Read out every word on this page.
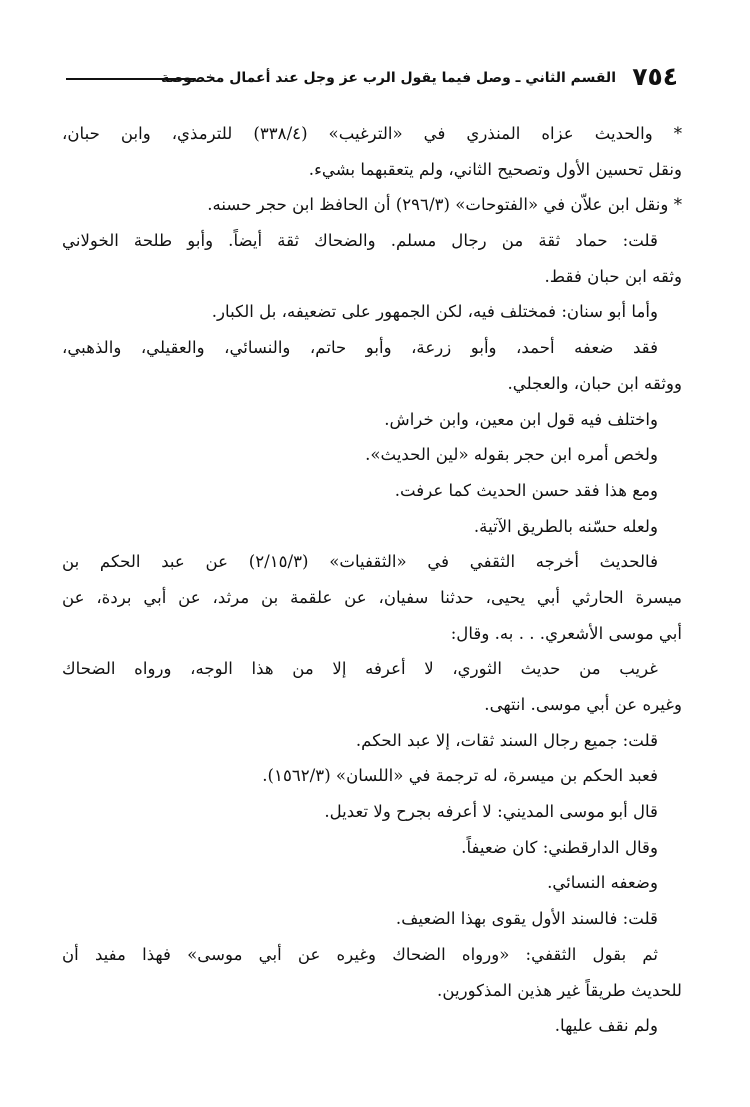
٧٥٤
القسم الثاني ـ وصل فيما يقول الرب عز وجل عند أعمال مخصوصة
* والحديث عزاه المنذري في «الترغيب» (٣٣٨/٤) للترمذي، وابن حبان،
ونقل تحسين الأول وتصحيح الثاني، ولم يتعقبهما بشيء.
* ونقل ابن علاّن في «الفتوحات» (٢٩٦/٣) أن الحافظ ابن حجر حسنه.
قلت: حماد ثقة من رجال مسلم. والضحاك ثقة أيضاً. وأبو طلحة الخولاني
وثقه ابن حبان فقط.
وأما أبو سنان: فمختلف فيه، لكن الجمهور على تضعيفه، بل الكبار.
فقد ضعفه أحمد، وأبو زرعة، وأبو حاتم، والنسائي، والعقيلي، والذهبي،
ووثقه ابن حبان، والعجلي.
واختلف فيه قول ابن معين، وابن خراش.
ولخص أمره ابن حجر بقوله «لين الحديث».
ومع هذا فقد حسن الحديث كما عرفت.
ولعله حسّنه بالطريق الآتية.
فالحديث أخرجه الثقفي في «الثقفيات» (٢/١٥/٣) عن عبد الحكم بن
ميسرة الحارثي أبي يحيى، حدثنا سفيان، عن علقمة بن مرثد، عن أبي بردة، عن
أبي موسى الأشعري. . . به. وقال:
غريب من حديث الثوري، لا أعرفه إلا من هذا الوجه، ورواه الضحاك
وغيره عن أبي موسى. انتهى.
قلت: جميع رجال السند ثقات، إلا عبد الحكم.
فعبد الحكم بن ميسرة، له ترجمة في «اللسان» (١٥٦٢/٣).
قال أبو موسى المديني: لا أعرفه بجرح ولا تعديل.
وقال الدارقطني: كان ضعيفاً.
وضعفه النسائي.
قلت: فالسند الأول يقوى بهذا الضعيف.
ثم بقول الثقفي: «ورواه الضحاك وغيره عن أبي موسى» فهذا مفيد أن
للحديث طريقاً غير هذين المذكورين.
ولم نقف عليها.
